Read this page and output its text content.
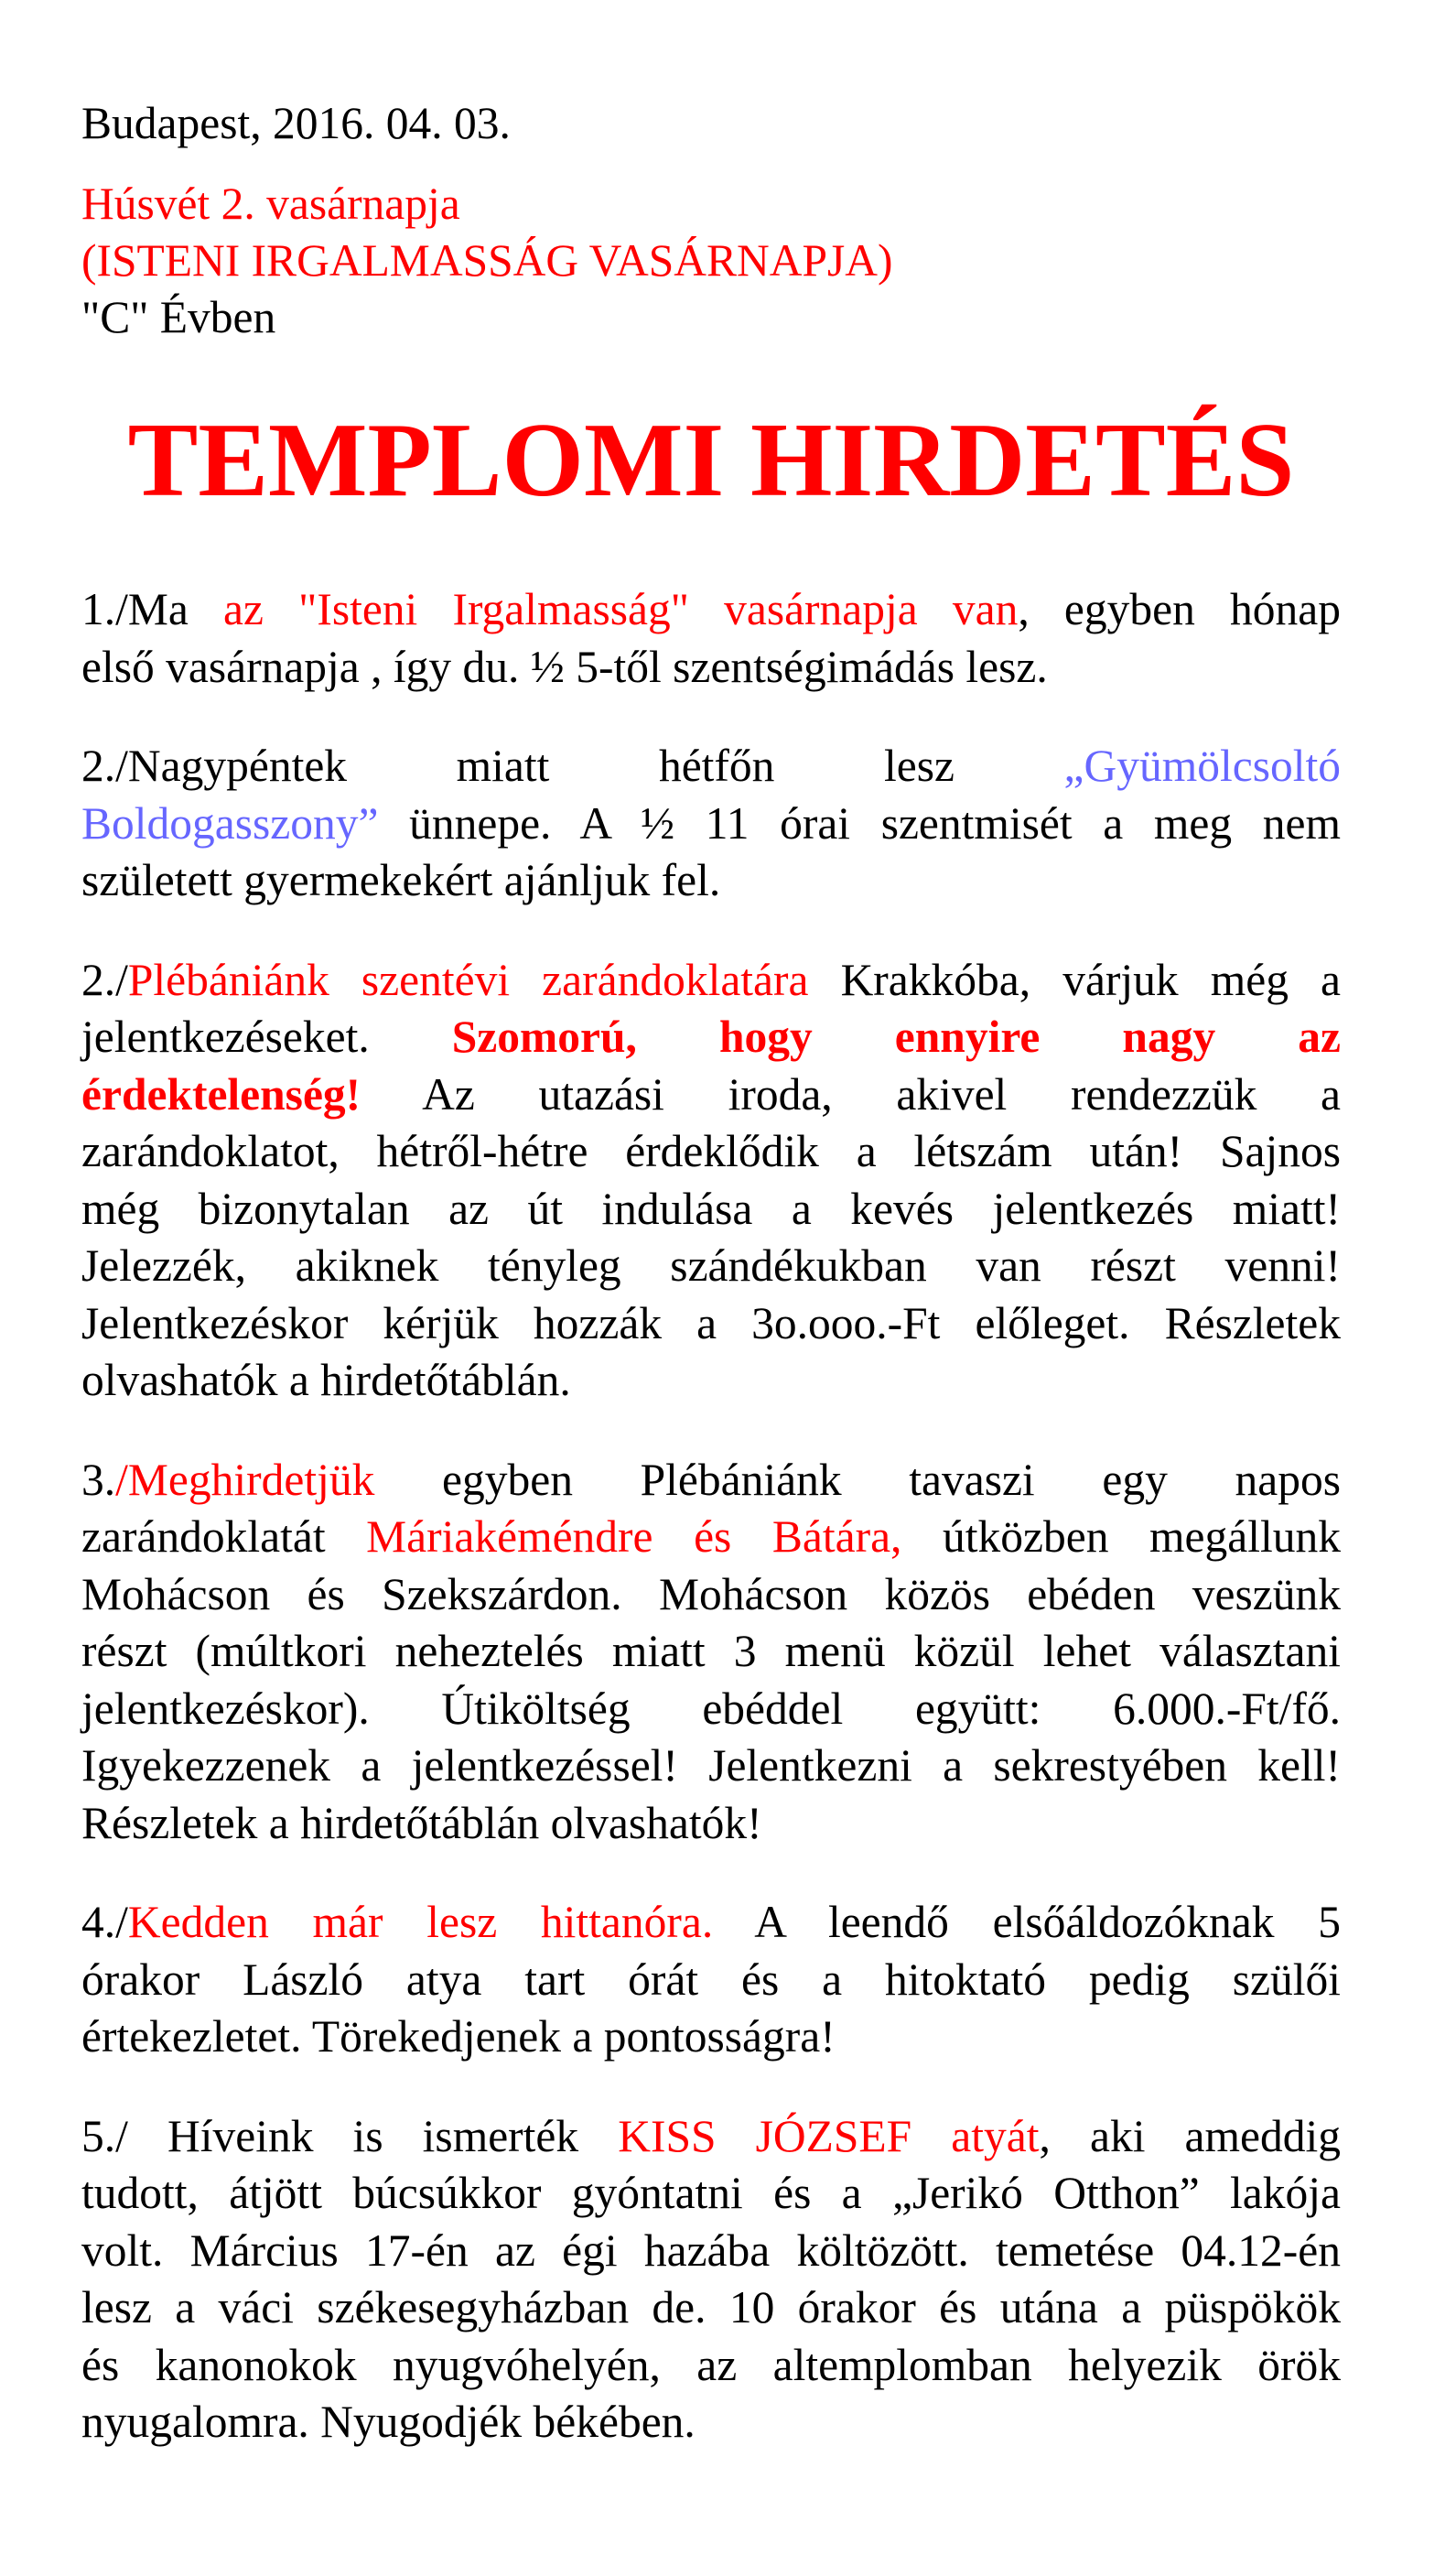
Budapest, 2016. 04. 03.
Húsvét 2. vasárnapja
(ISTENI IRGALMASSÁG VASÁRNAPJA)
"C" Évben
TEMPLOMI HIRDETÉS
1./Ma az "Isteni Irgalmasság" vasárnapja van, egyben hónap
első vasárnapja , így du. ½ 5-től szentségimádás lesz.
2./Nagypéntek miatt hétfőn lesz „Gyümölcsoltó
Boldogasszony” ünnepe. A ½ 11 órai szentmisét a meg nem
született gyermekekért ajánljuk fel.
2./Plébániánk szentévi zarándoklatára Krakkóba, várjuk még a
jelentkezéseket. Szomorú, hogy ennyire nagy az
érdektelenség! Az utazási iroda, akivel rendezzük a
zarándoklatot, hétről-hétre érdeklődik a létszám után! Sajnos
még bizonytalan az út indulása a kevés jelentkezés miatt!
Jelezzék, akiknek tényleg szándékukban van részt venni!
Jelentkezéskor kérjük hozzák a 3o.ooo.-Ft előleget. Részletek
olvashatók a hirdetőtáblán.
3./Meghirdetjük egyben Plébániánk tavaszi egy napos
zarándoklatát Máriakéméndre és Bátára, útközben megállunk
Mohácson és Szekszárdon. Mohácson közös ebéden veszünk
részt (múltkori neheztelés miatt 3 menü közül lehet választani
jelentkezéskor). Útiköltség ebéddel együtt: 6.000.-Ft/fő.
Igyekezzenek a jelentkezéssel! Jelentkezni a sekrestyében kell!
Részletek a hirdetőtáblán olvashatók!
4./Kedden már lesz hittanóra. A leendő elsőáldozóknak 5
órakor László atya tart órát és a hitoktató pedig szülői
értekezletet. Törekedjenek a pontosságra!
5./ Híveink is ismerték KISS JÓZSEF atyát, aki ameddig
tudott, átjött búcsúkkor gyóntatni és a „Jerikó Otthon” lakója
volt. Március 17-én az égi hazába költözött. temetése 04.12-én
lesz a váci székesegyházban de. 10 órakor és utána a püspökök
és kanonokok nyugvóhelyén, az altemplomban helyezik örök
nyugalomra. Nyugodjék békében.
